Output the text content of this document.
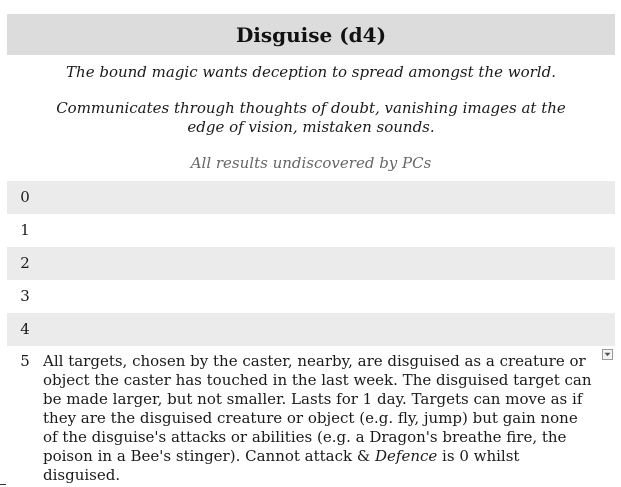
Disguise (d4)
The bound magic wants deception to spread amongst the world.
Communicates through thoughts of doubt, vanishing images at the edge of vision, mistaken sounds.
All results undiscovered by PCs
0
1
2
3
4
5 All targets, chosen by the caster, nearby, are disguised as a creature or object the caster has touched in the last week. The disguised target can be made larger, but not smaller. Lasts for 1 day. Targets can move as if they are the disguised creature or object (e.g. fly, jump) but gain none of the disguise's attacks or abilities (e.g. a Dragon's breathe fire, the poison in a Bee's stinger). Cannot attack & Defence is 0 whilst disguised.
